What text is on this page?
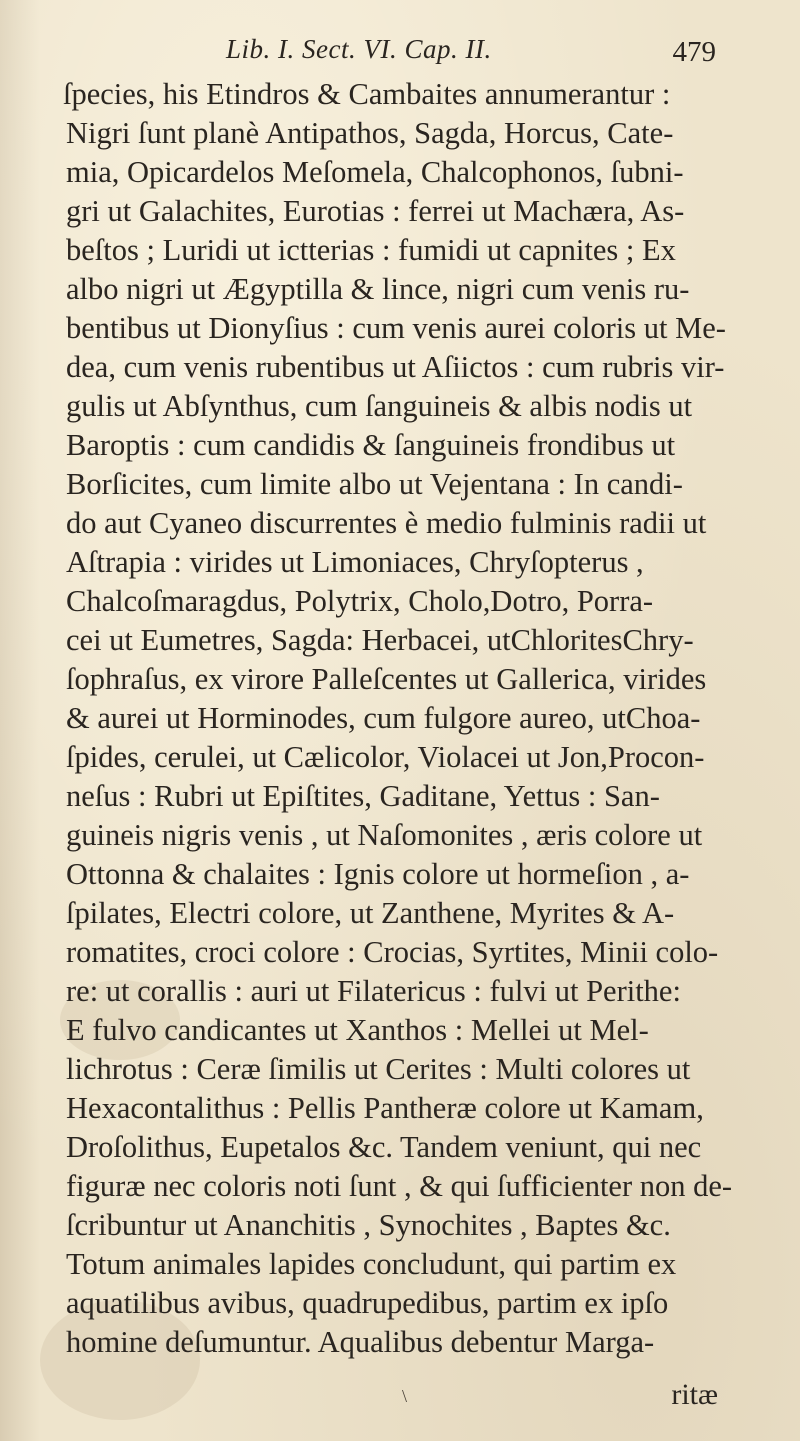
Lib. I. Sect. VI. Cap. II.	479
ſpecies, his Etindros & Cambaites annumerantur :
Nigri ſunt planè Antipathos, Sagda, Horcus, Cate-
mia, Opicardelos Meſomela, Chalcophonos, ſubni-
gri ut Galachites, Eurotias : ferrei ut Machæra, As-
beſtos ; Luridi ut ictterias : fumidi ut capnites ; Ex
albo nigri ut Ægyptilla & lince, nigri cum venis ru-
bentibus ut Dionyſius : cum venis aurei coloris ut Me-
dea, cum venis rubentibus ut Aſiictos : cum rubris vir-
gulis ut Abſynthus, cum ſanguineis & albis nodis ut
Baroptis : cum candidis & ſanguineis frondibus ut
Borſicites, cum limite albo ut Vejentana : In candi-
do aut Cyaneo discurrentes è medio fulminis radii ut
Aſtrapia : virides ut Limoniaces, Chryſopterus ,
Chalcoſmaragdus, Polytrix, Cholo,Dotro, Porra-
cei ut Eumetres, Sagda: Herbacei, utChloritesChry-
ſophraſus, ex virore Palleſcentes ut Gallerica, virides
& aurei ut Horminodes, cum fulgore aureo, utChoa-
ſpides, cerulei, ut Cælicolor, Violacei ut Jon,Procon-
neſus : Rubri ut Epiſtites, Gaditane, Yettus : San-
guineis nigris venis , ut Naſomonites , æris colore ut
Ottonna & chalaites : Ignis colore ut hormeſion , a-
ſpilates, Electri colore, ut Zanthene, Myrites & A-
romatites, croci colore : Crocias, Syrtites, Minii colo-
re: ut corallis : auri ut Filatericus : fulvi ut Perithe:
E fulvo candicantes ut Xanthos : Mellei ut Mel-
lichrotus : Ceræ ſimilis ut Cerites : Multi colores ut
Hexacontalithus : Pellis Pantheræ colore ut Kamam,
Droſolithus, Eupetalos &c. Tandem veniunt, qui nec
figuræ nec coloris noti ſunt , & qui ſufficienter non de-
ſcribuntur ut Ananchitis , Synochites , Baptes &c.
Totum animales lapides concludunt, qui partim ex
aquatilibus avibus, quadrupedibus, partim ex ipſo
homine deſumuntur. Aqualibus debentur Marga-
\	ritæ
